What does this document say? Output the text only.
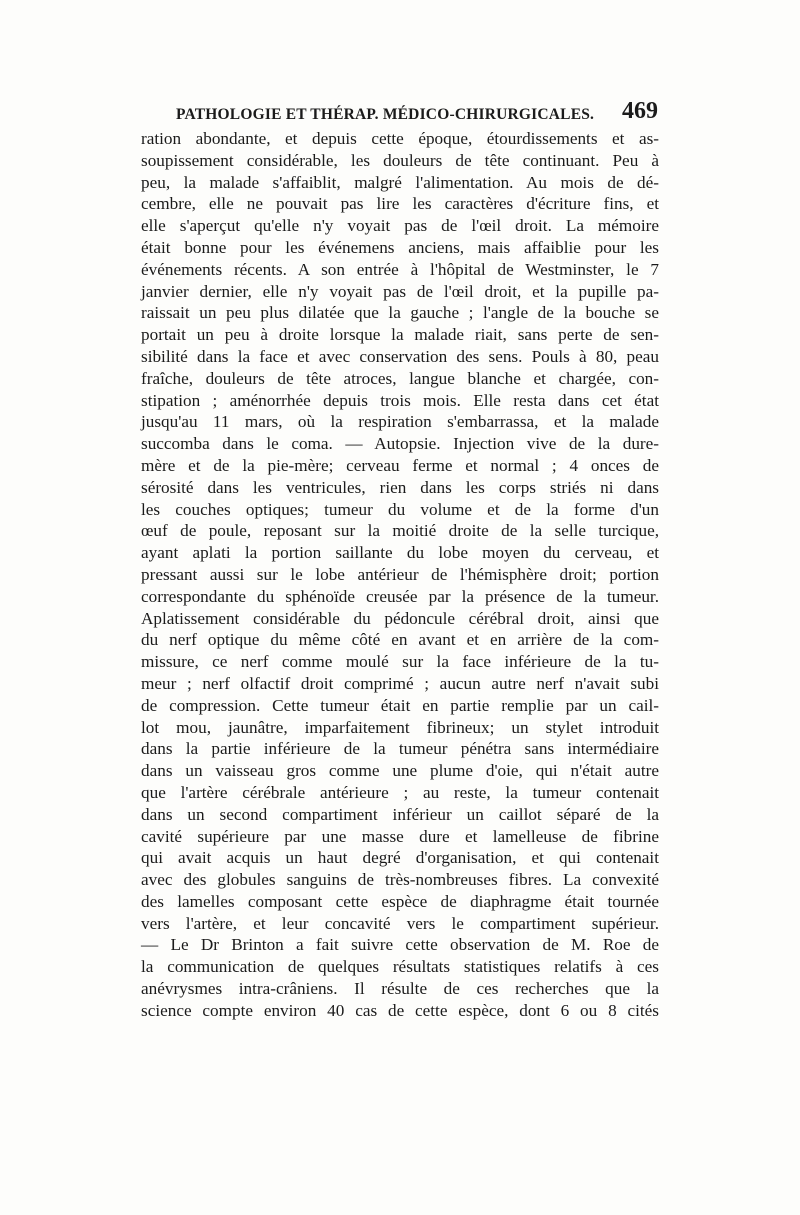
PATHOLOGIE ET THÉRAP. MÉDICO-CHIRURGICALES. 469
ration abondante, et depuis cette époque, étourdissements et as-
soupissement considérable, les douleurs de tête continuant. Peu à
peu, la malade s'affaiblit, malgré l'alimentation. Au mois de dé-
cembre, elle ne pouvait pas lire les caractères d'écriture fins, et
elle s'aperçut qu'elle n'y voyait pas de l'œil droit. La mémoire
était bonne pour les événemens anciens, mais affaiblie pour les
événements récents. A son entrée à l'hôpital de Westminster, le 7
janvier dernier, elle n'y voyait pas de l'œil droit, et la pupille pa-
raissait un peu plus dilatée que la gauche ; l'angle de la bouche se
portait un peu à droite lorsque la malade riait, sans perte de sen-
sibilité dans la face et avec conservation des sens. Pouls à 80, peau
fraîche, douleurs de tête atroces, langue blanche et chargée, con-
stipation ; aménorrhée depuis trois mois. Elle resta dans cet état
jusqu'au 11 mars, où la respiration s'embarrassa, et la malade
succomba dans le coma. — Autopsie. Injection vive de la dure-
mère et de la pie-mère; cerveau ferme et normal ; 4 onces de
sérosité dans les ventricules, rien dans les corps striés ni dans
les couches optiques; tumeur du volume et de la forme d'un
œuf de poule, reposant sur la moitié droite de la selle turcique,
ayant aplati la portion saillante du lobe moyen du cerveau, et
pressant aussi sur le lobe antérieur de l'hémisphère droit; portion
correspondante du sphénoïde creusée par la présence de la tumeur.
Aplatissement considérable du pédoncule cérébral droit, ainsi que
du nerf optique du même côté en avant et en arrière de la com-
missure, ce nerf comme moulé sur la face inférieure de la tu-
meur ; nerf olfactif droit comprimé ; aucun autre nerf n'avait subi
de compression. Cette tumeur était en partie remplie par un cail-
lot mou, jaunâtre, imparfaitement fibrineux; un stylet introduit
dans la partie inférieure de la tumeur pénétra sans intermédiaire
dans un vaisseau gros comme une plume d'oie, qui n'était autre
que l'artère cérébrale antérieure ; au reste, la tumeur contenait
dans un second compartiment inférieur un caillot séparé de la
cavité supérieure par une masse dure et lamelleuse de fibrine
qui avait acquis un haut degré d'organisation, et qui contenait
avec des globules sanguins de très-nombreuses fibres. La convexité
des lamelles composant cette espèce de diaphragme était tournée
vers l'artère, et leur concavité vers le compartiment supérieur.
— Le Dr Brinton a fait suivre cette observation de M. Roe de
la communication de quelques résultats statistiques relatifs à ces
anévrysmes intra-crâniens. Il résulte de ces recherches que la
science compte environ 40 cas de cette espèce, dont 6 ou 8 cités
